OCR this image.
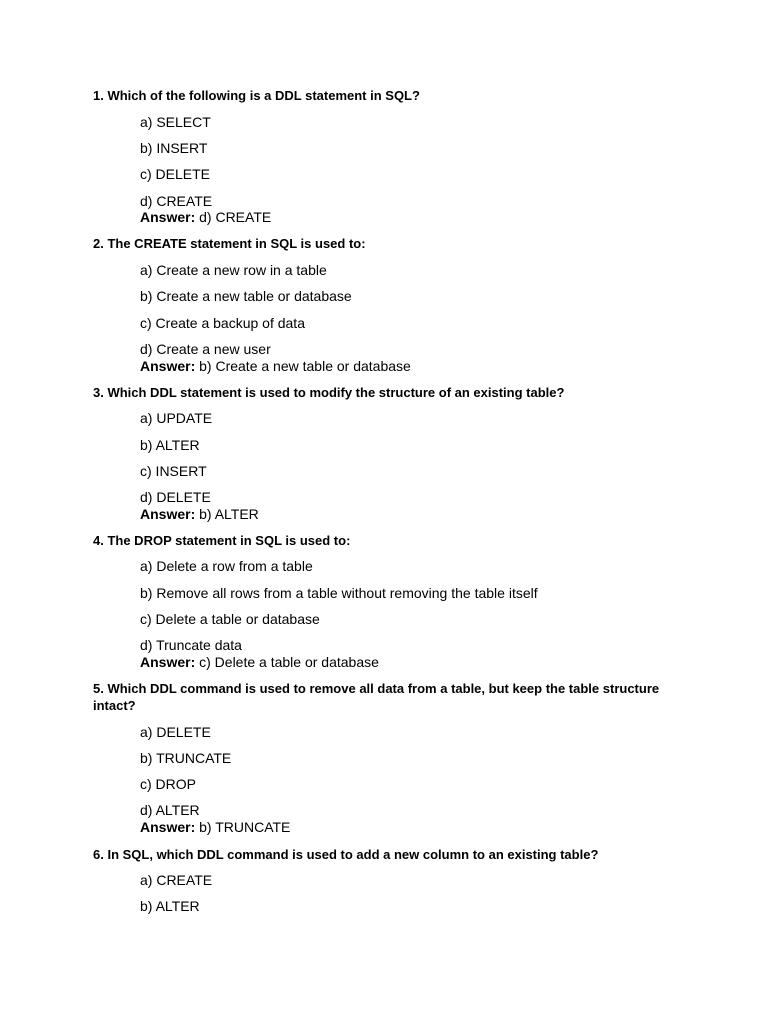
1. Which of the following is a DDL statement in SQL?
a) SELECT
b) INSERT
c) DELETE
d) CREATE
Answer: d) CREATE
2. The CREATE statement in SQL is used to:
a) Create a new row in a table
b) Create a new table or database
c) Create a backup of data
d) Create a new user
Answer: b) Create a new table or database
3. Which DDL statement is used to modify the structure of an existing table?
a) UPDATE
b) ALTER
c) INSERT
d) DELETE
Answer: b) ALTER
4. The DROP statement in SQL is used to:
a) Delete a row from a table
b) Remove all rows from a table without removing the table itself
c) Delete a table or database
d) Truncate data
Answer: c) Delete a table or database
5. Which DDL command is used to remove all data from a table, but keep the table structure intact?
a) DELETE
b) TRUNCATE
c) DROP
d) ALTER
Answer: b) TRUNCATE
6. In SQL, which DDL command is used to add a new column to an existing table?
a) CREATE
b) ALTER
